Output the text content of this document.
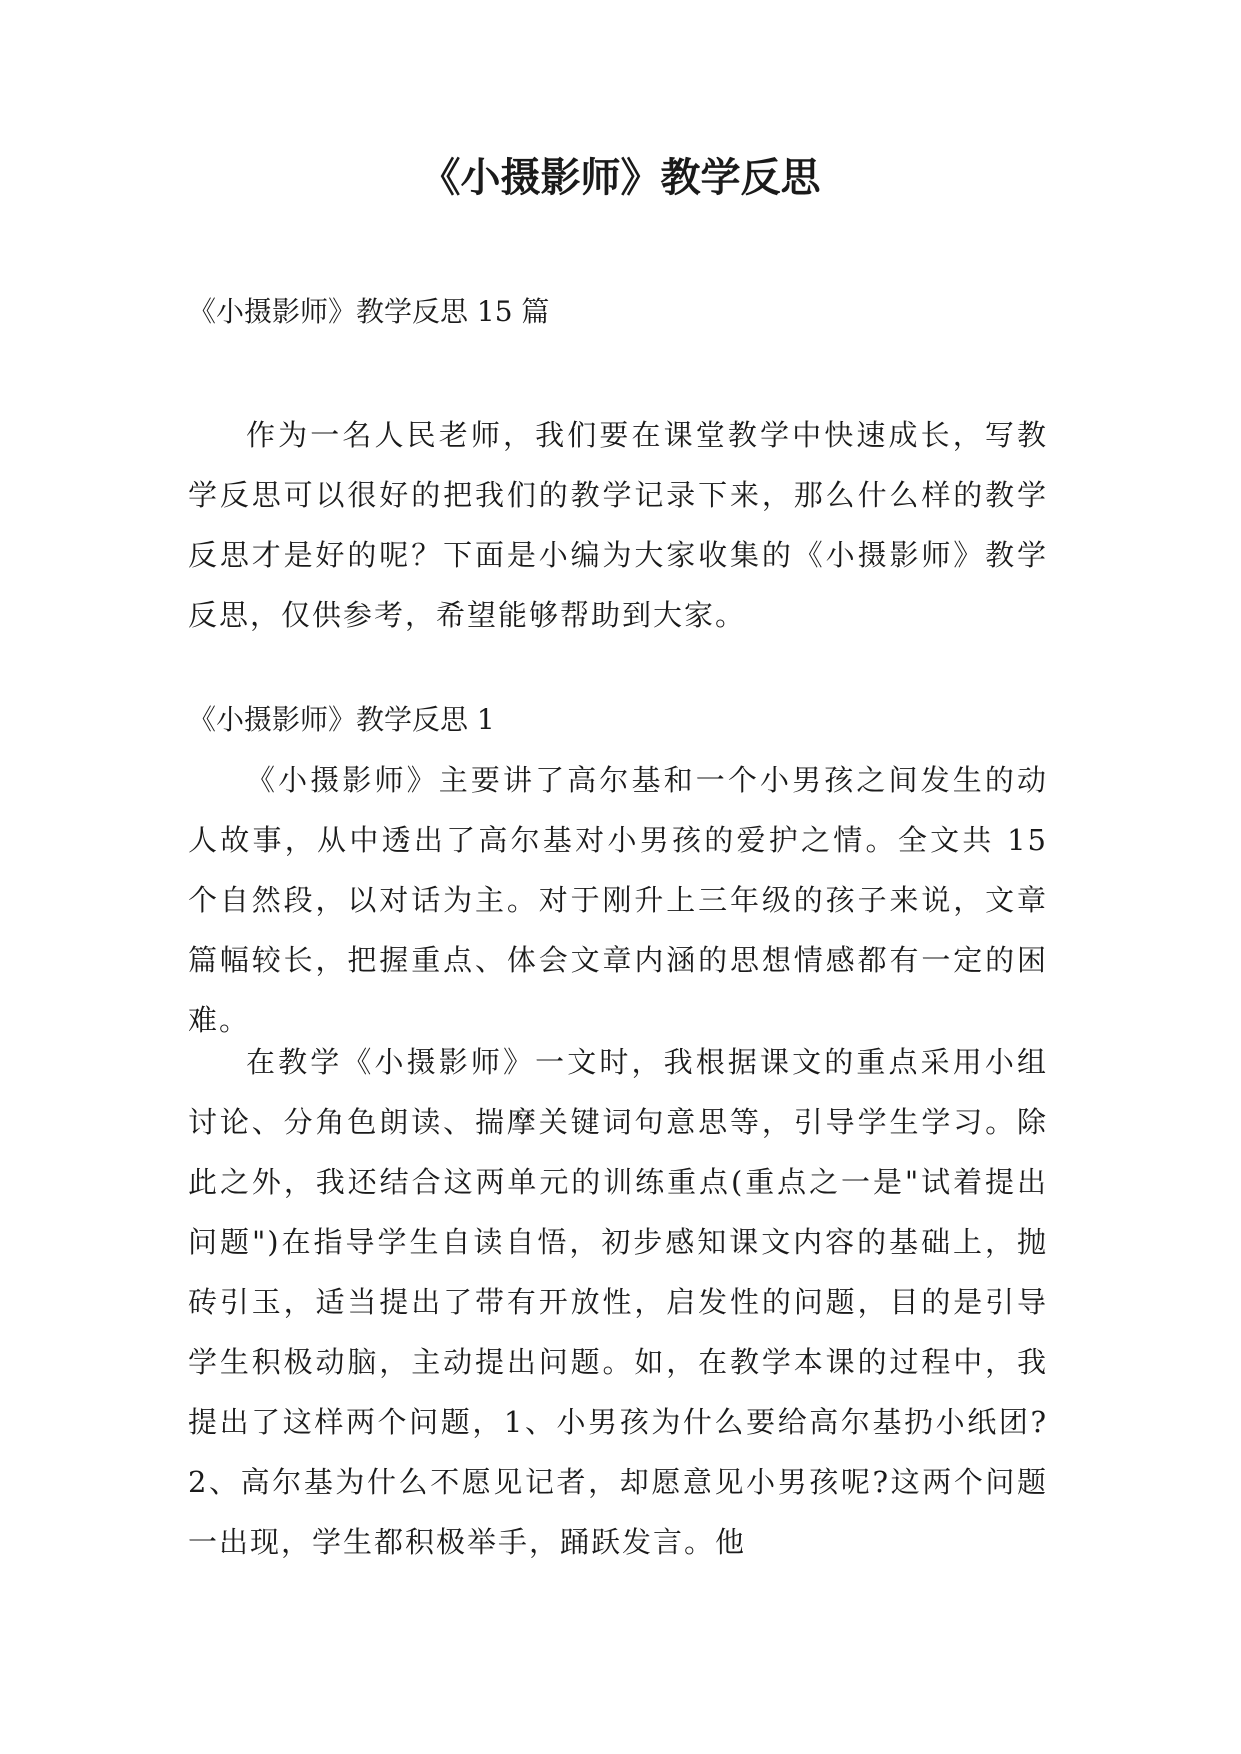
《小摄影师》教学反思

《小摄影师》教学反思 15 篇

作为一名人民老师，我们要在课堂教学中快速成长，写教学反思可以很好的把我们的教学记录下来，那么什么样的教学反思才是好的呢？下面是小编为大家收集的《小摄影师》教学反思，仅供参考，希望能够帮助到大家。

《小摄影师》教学反思 1

《小摄影师》主要讲了高尔基和一个小男孩之间发生的动人故事，从中透出了高尔基对小男孩的爱护之情。全文共 15 个自然段，以对话为主。对于刚升上三年级的孩子来说，文章篇幅较长，把握重点、体会文章内涵的思想情感都有一定的困难。

在教学《小摄影师》一文时，我根据课文的重点采用小组讨论、分角色朗读、揣摩关键词句意思等，引导学生学习。除此之外，我还结合这两单元的训练重点(重点之一是"试着提出问题")在指导学生自读自悟，初步感知课文内容的基础上，抛砖引玉，适当提出了带有开放性，启发性的问题，目的是引导学生积极动脑，主动提出问题。如，在教学本课的过程中，我提出了这样两个问题，1、小男孩为什么要给高尔基扔小纸团?2、高尔基为什么不愿见记者，却愿意见小男孩呢?这两个问题一出现，学生都积极举手，踊跃发言。他
